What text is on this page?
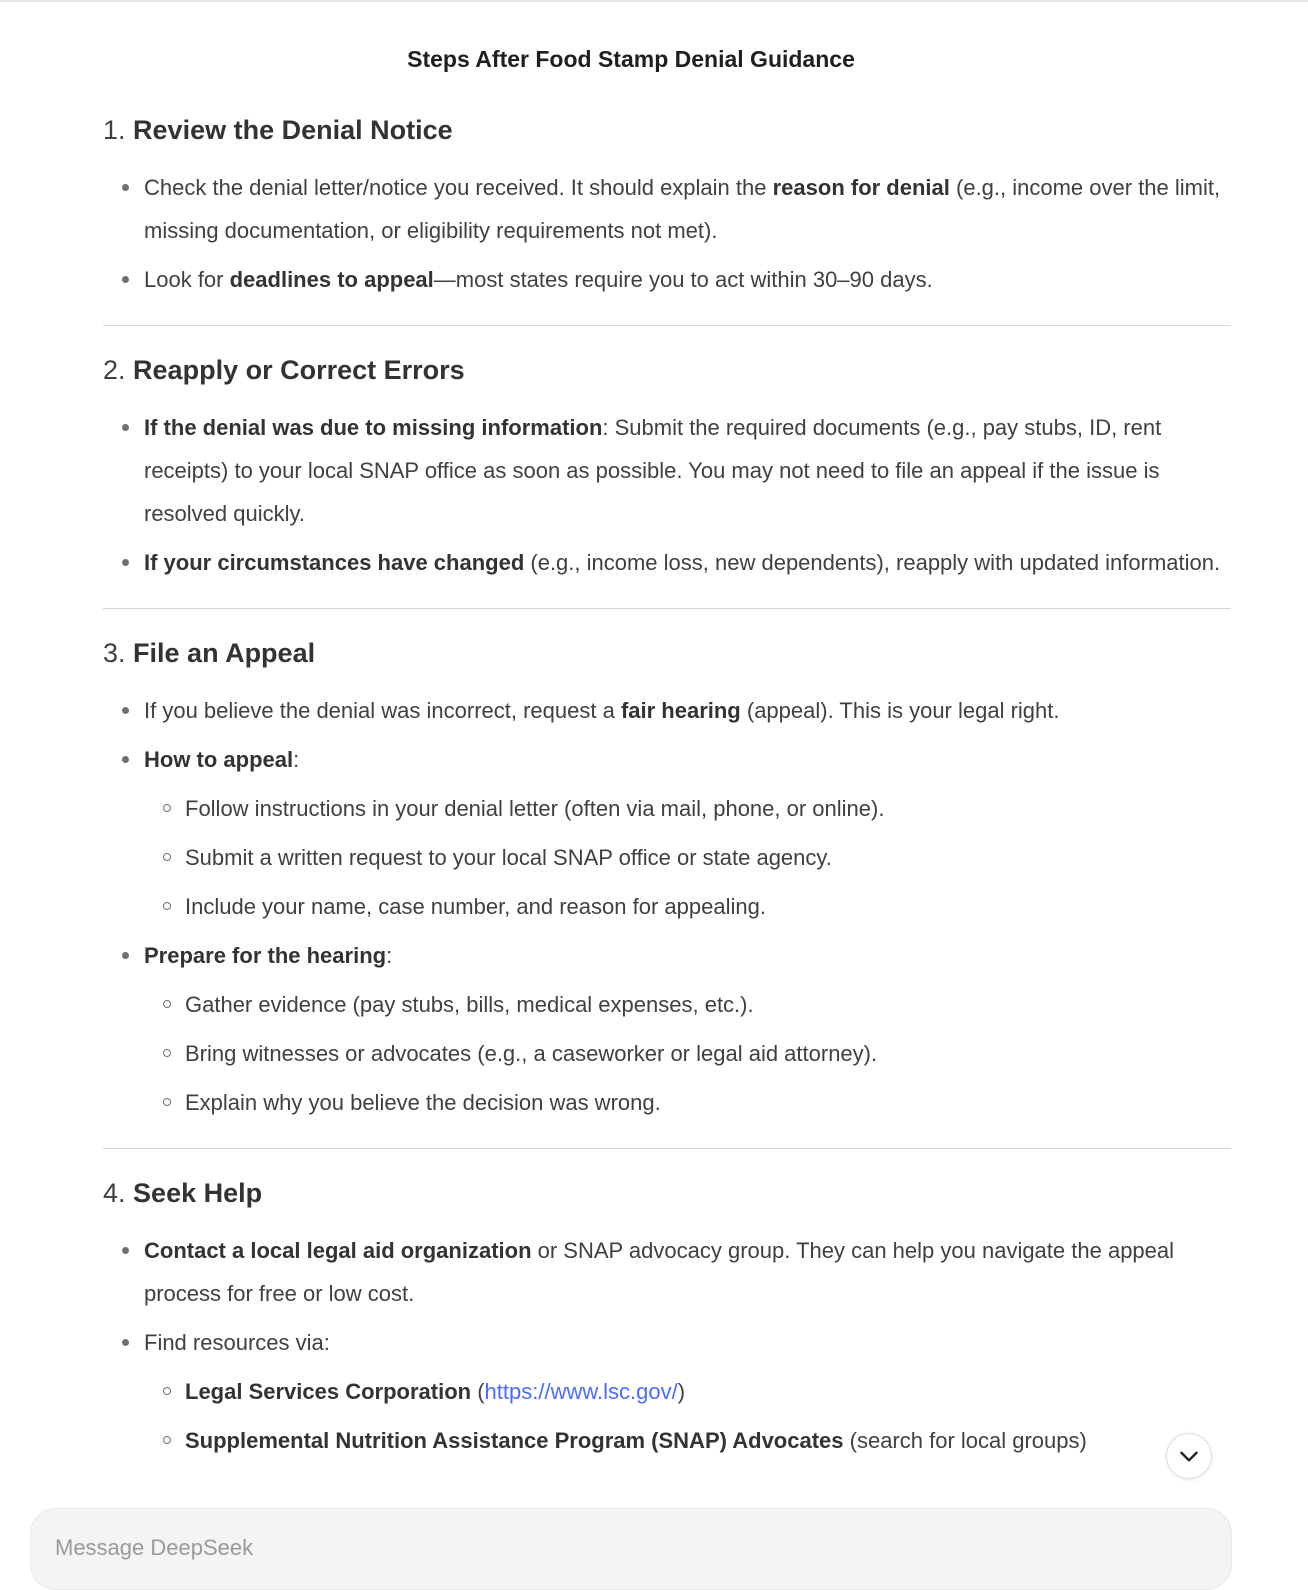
Steps After Food Stamp Denial Guidance
1. Review the Denial Notice
Check the denial letter/notice you received. It should explain the reason for denial (e.g., income over the limit, missing documentation, or eligibility requirements not met).
Look for deadlines to appeal—most states require you to act within 30–90 days.
2. Reapply or Correct Errors
If the denial was due to missing information: Submit the required documents (e.g., pay stubs, ID, rent receipts) to your local SNAP office as soon as possible. You may not need to file an appeal if the issue is resolved quickly.
If your circumstances have changed (e.g., income loss, new dependents), reapply with updated information.
3. File an Appeal
If you believe the denial was incorrect, request a fair hearing (appeal). This is your legal right.
How to appeal:
Follow instructions in your denial letter (often via mail, phone, or online).
Submit a written request to your local SNAP office or state agency.
Include your name, case number, and reason for appealing.
Prepare for the hearing:
Gather evidence (pay stubs, bills, medical expenses, etc.).
Bring witnesses or advocates (e.g., a caseworker or legal aid attorney).
Explain why you believe the decision was wrong.
4. Seek Help
Contact a local legal aid organization or SNAP advocacy group. They can help you navigate the appeal process for free or low cost.
Find resources via:
Legal Services Corporation (https://www.lsc.gov/)
Supplemental Nutrition Assistance Program (SNAP) Advocates (search for local groups)
Message DeepSeek
